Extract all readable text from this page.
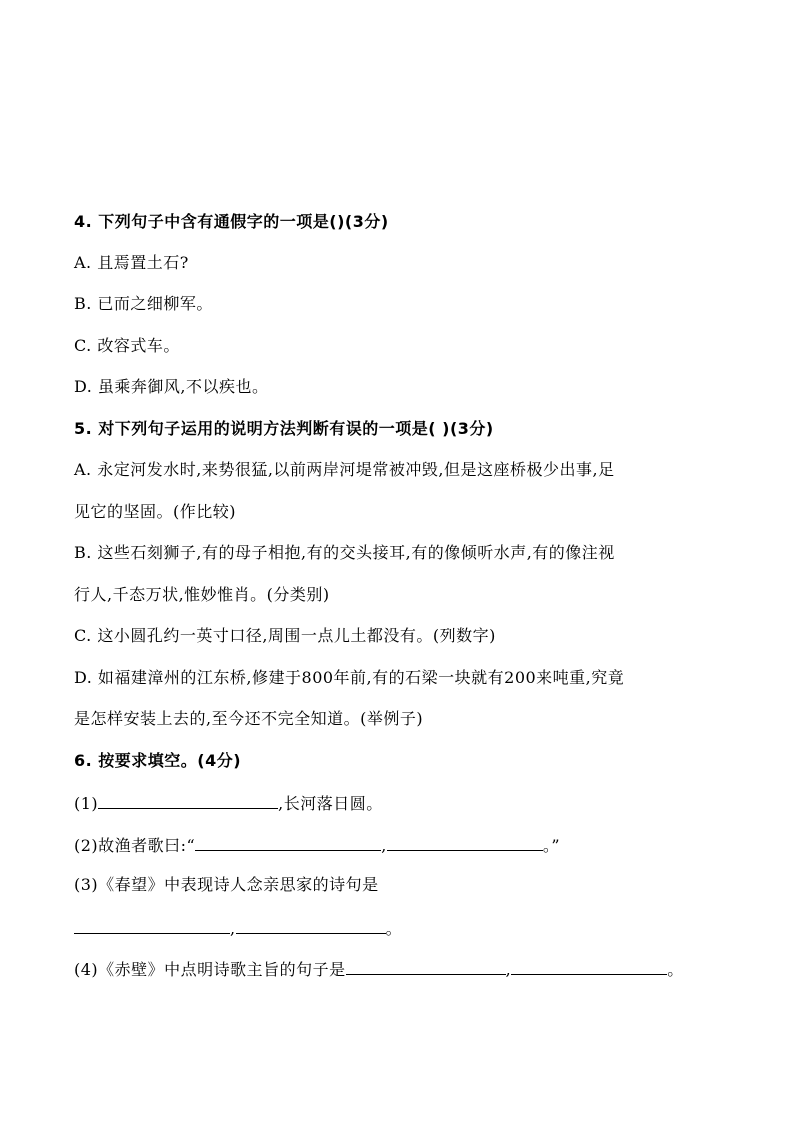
4. 下列句子中含有通假字的一项是()(3分)
A. 且焉置土石?
B. 已而之细柳军。
C. 改容式车。
D. 虽乘奔御风,不以疾也。
5. 对下列句子运用的说明方法判断有误的一项是( )(3分)
A. 永定河发水时,来势很猛,以前两岸河堤常被冲毁,但是这座桥极少出事,足
见它的坚固。(作比较)
B. 这些石刻狮子,有的母子相抱,有的交头接耳,有的像倾听水声,有的像注视
行人,千态万状,惟妙惟肖。(分类别)
C. 这小圆孔约一英寸口径,周围一点儿土都没有。(列数字)
D. 如福建漳州的江东桥,修建于800年前,有的石梁一块就有200来吨重,究竟
是怎样安装上去的,至今还不完全知道。(举例子)
6. 按要求填空。(4分)
(1)	,长河落日圆。
(2)故渔者歌曰:“	,	。”
(3)《春望》中表现诗人念亲思家的诗句是
,	。
(4)《赤壁》中点明诗歌主旨的句子是	,	。
